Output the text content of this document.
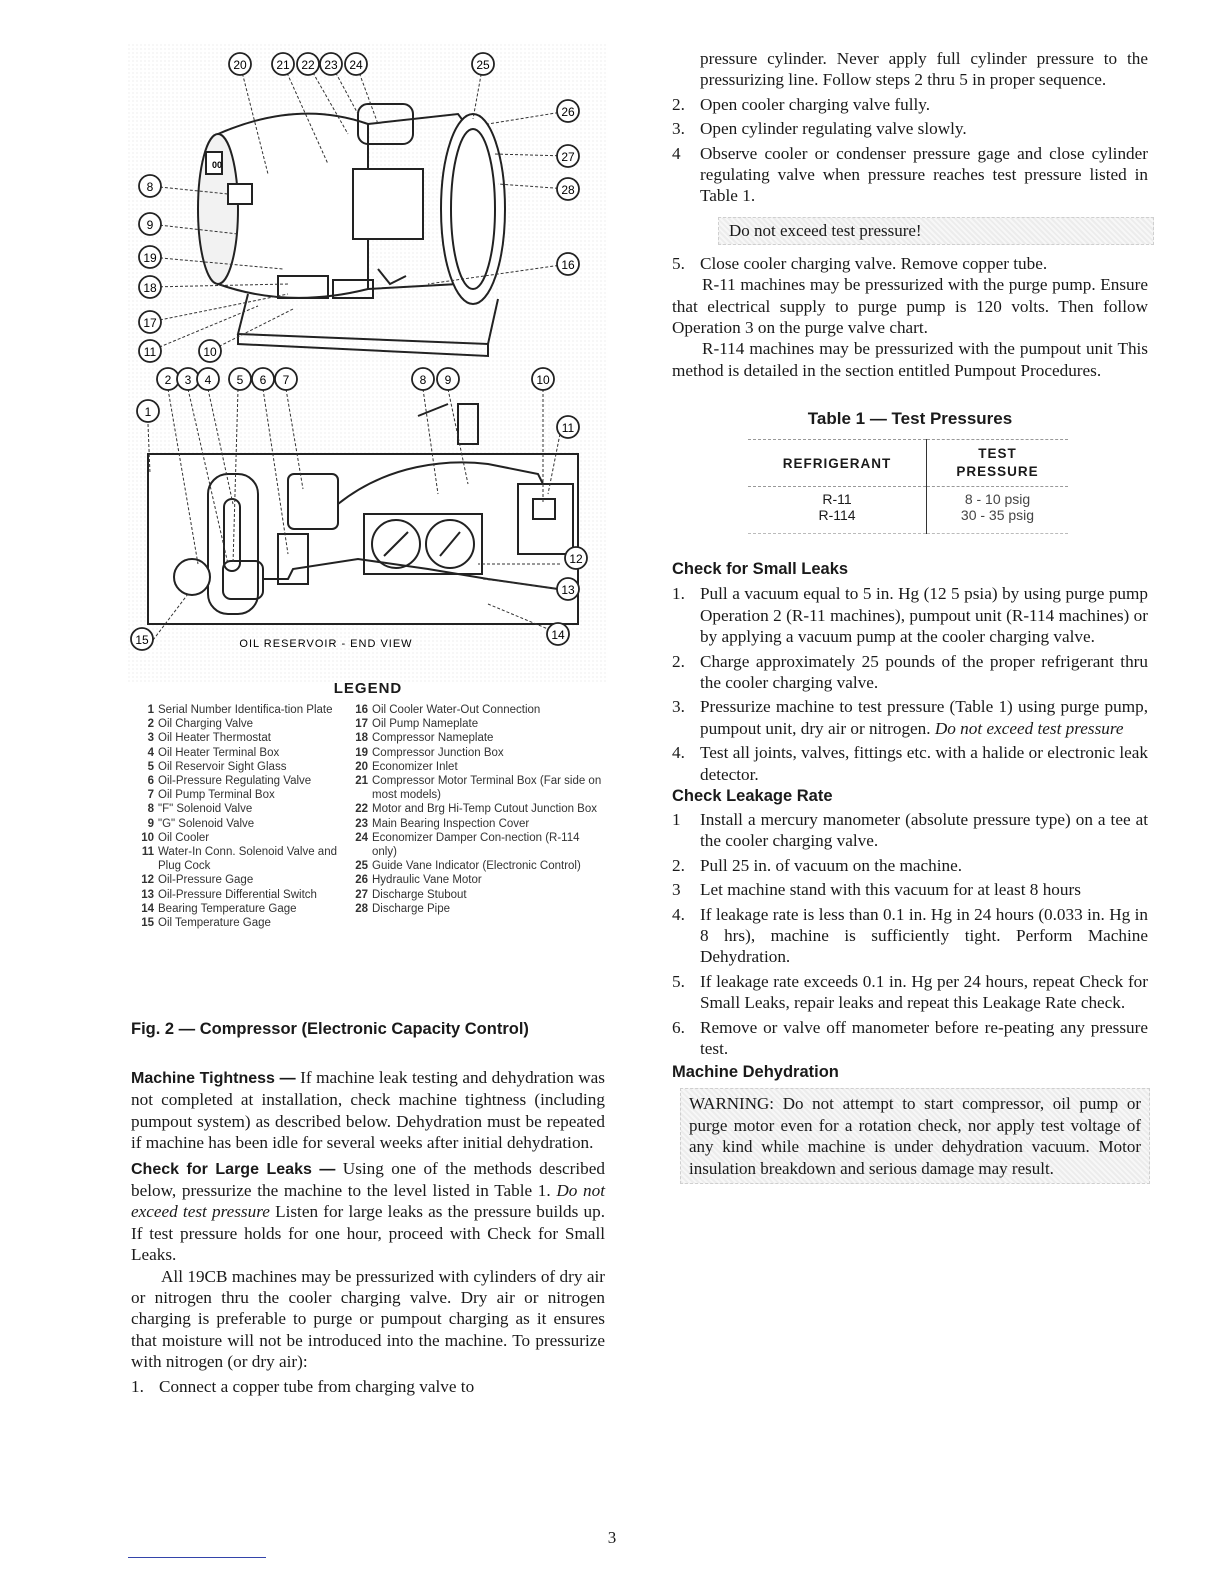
20 21 22 23 24	25
26
27
28
16
8
9
19
18
17
11	10
2 3 4 5 6 7	8 9	10
1
11
12
13
14
15
00
OIL RESERVOIR - END VIEW
LEGEND
1 Serial Number Identifica-tion Plate
2 Oil Charging Valve
3 Oil Heater Thermostat
4 Oil Heater Terminal Box
5 Oil Reservoir Sight Glass
6 Oil-Pressure Regulating Valve
7 Oil Pump Terminal Box
8 "F" Solenoid Valve
9 "G" Solenoid Valve
10 Oil Cooler
11 Water-In Conn. Solenoid Valve and Plug Cock
12 Oil-Pressure Gage
13 Oil-Pressure Differential Switch
14 Bearing Temperature Gage
15 Oil Temperature Gage
16 Oil Cooler Water-Out Connection
17 Oil Pump Nameplate
18 Compressor Nameplate
19 Compressor Junction Box
20 Economizer Inlet
21 Compressor Motor Terminal Box (Far side on most models)
22 Motor and Brg Hi-Temp Cutout Junction Box
23 Main Bearing Inspection Cover
24 Economizer Damper Con-nection (R-114 only)
25 Guide Vane Indicator (Electronic Control)
26 Hydraulic Vane Motor
27 Discharge Stubout
28 Discharge Pipe
Fig. 2 — Compressor (Electronic Capacity Control)

Machine Tightness — If machine leak testing and dehydration was not completed at installation, check machine tightness (including pumpout system) as described below. Dehydration must be repeated if machine has been idle for several weeks after initial dehydration.

Check for Large Leaks — Using one of the methods described below, pressurize the machine to the level listed in Table 1. Do not exceed test pressure Listen for large leaks as the pressure builds up. If test pressure holds for one hour, proceed with Check for Small Leaks.

All 19CB machines may be pressurized with cylinders of dry air or nitrogen thru the cooler charging valve. Dry air or nitrogen charging is preferable to purge or pumpout charging as it ensures that moisture will not be introduced into the machine. To pressurize with nitrogen (or dry air):

1. Connect a copper tube from charging valve to

pressure cylinder. Never apply full cylinder pressure to the pressurizing line. Follow steps 2 thru 5 in proper sequence.

2. Open cooler charging valve fully.
3. Open cylinder regulating valve slowly.
4	Observe cooler or condenser pressure gage and close cylinder regulating valve when pressure reaches test pressure listed in Table 1.
Do not exceed test pressure!
5. Close cooler charging valve. Remove copper tube.

R-11 machines may be pressurized with the purge pump. Ensure that electrical supply to purge pump is 120 volts. Then follow Operation 3 on the purge valve chart.

R-114 machines may be pressurized with the pumpout unit This method is detailed in the section entitled Pumpout Procedures.

Table 1 — Test Pressures
REFRIGERANT	TEST
PRESSURE

R-11	8 - 10 psig
R-114	30 - 35 psig
Check for Small Leaks
1. Pull a vacuum equal to 5 in. Hg (12 5 psia) by using purge pump Operation 2 (R-11 machines), pumpout unit (R-114 machines) or by applying a vacuum pump at the cooler charging valve.
2. Charge approximately 25 pounds of the proper refrigerant thru the cooler charging valve.
3. Pressurize machine to test pressure (Table 1) using purge pump, pumpout unit, dry air or nitrogen. Do not exceed test pressure
4. Test all joints, valves, fittings etc. with a halide or electronic leak detector.
Check Leakage Rate
1	Install a mercury manometer (absolute pressure type) on a tee at the cooler charging valve.
2. Pull 25 in. of vacuum on the machine.
3	Let machine stand with this vacuum for at least 8 hours
4. If leakage rate is less than 0.1 in. Hg in 24 hours (0.033 in. Hg in 8 hrs), machine is sufficiently tight. Perform Machine Dehydration.
5. If leakage rate exceeds 0.1 in. Hg per 24 hours, repeat Check for Small Leaks, repair leaks and repeat this Leakage Rate check.
6. Remove or valve off manometer before re-peating any pressure test.
Machine Dehydration
WARNING: Do not attempt to start compressor, oil pump or purge motor even for a rotation check, nor apply test voltage of any kind while machine is under dehydration vacuum. Motor insulation breakdown and serious damage may result.
3
